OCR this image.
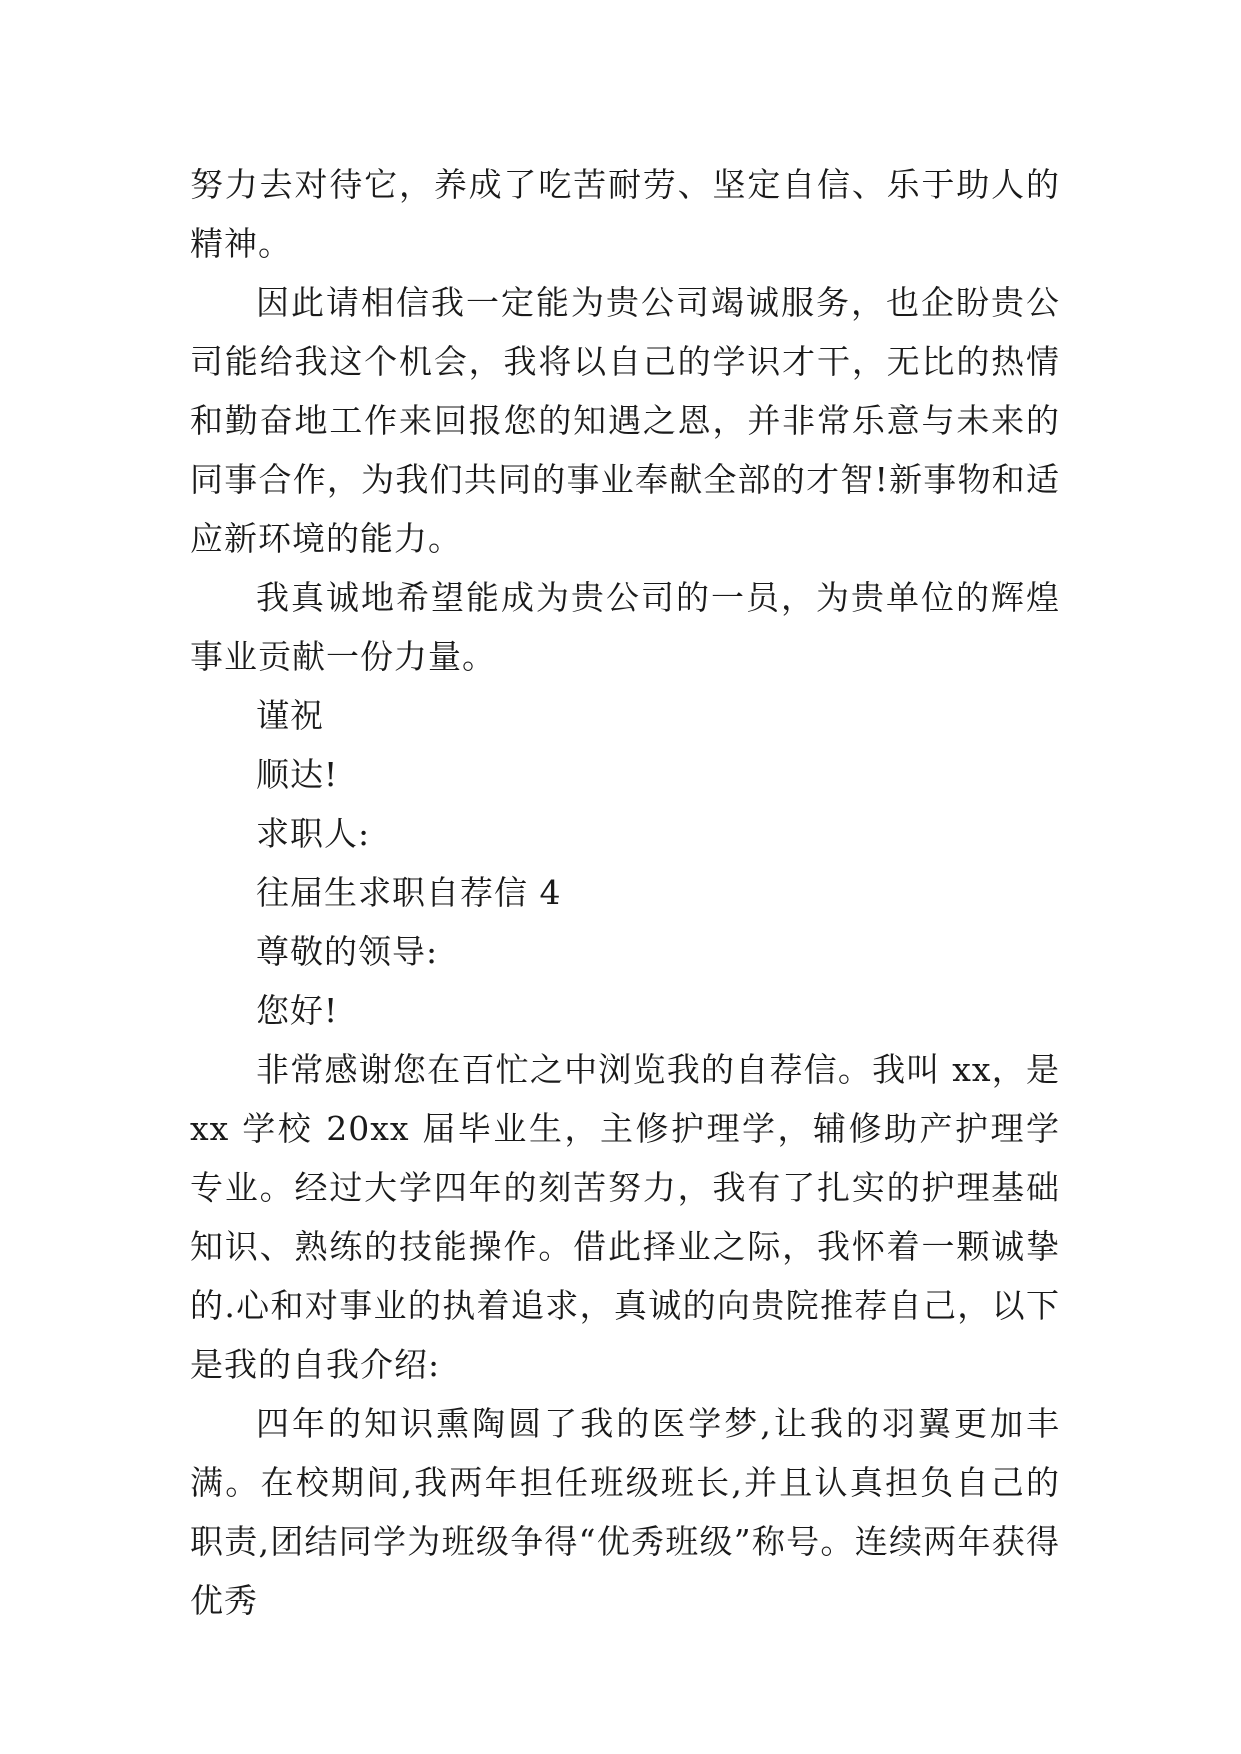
努力去对待它，养成了吃苦耐劳、坚定自信、乐于助人的精神。

因此请相信我一定能为贵公司竭诚服务，也企盼贵公司能给我这个机会，我将以自己的学识才干，无比的热情和勤奋地工作来回报您的知遇之恩，并非常乐意与未来的同事合作，为我们共同的事业奉献全部的才智!新事物和适应新环境的能力。

我真诚地希望能成为贵公司的一员，为贵单位的辉煌事业贡献一份力量。

谨祝

顺达!

求职人:

往届生求职自荐信 4

尊敬的领导:

您好!

非常感谢您在百忙之中浏览我的自荐信。我叫 xx，是 xx 学校 20xx 届毕业生，主修护理学，辅修助产护理学专业。经过大学四年的刻苦努力，我有了扎实的护理基础知识、熟练的技能操作。借此择业之际，我怀着一颗诚挚的.心和对事业的执着追求，真诚的向贵院推荐自己，以下是我的自我介绍:

四年的知识熏陶圆了我的医学梦,让我的羽翼更加丰满。在校期间,我两年担任班级班长,并且认真担负自己的职责,团结同学为班级争得“优秀班级”称号。连续两年获得优秀
